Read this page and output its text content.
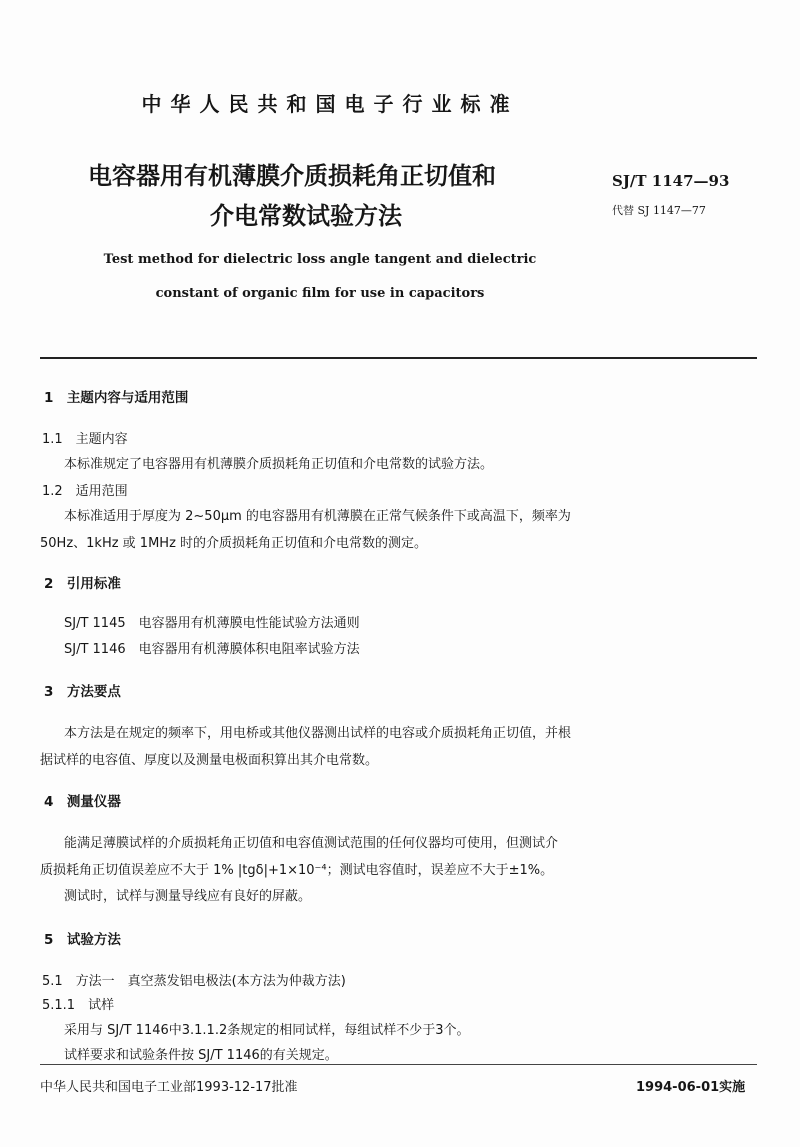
中华人民共和国电子行业标准
电容器用有机薄膜介质损耗角正切值和
介电常数试验方法
SJ/T 1147—93
代替 SJ 1147—77
Test method for dielectric loss angle tangent and dielectric
constant of organic film for use in capacitors
1　主题内容与适用范围
1.1　主题内容
本标准规定了电容器用有机薄膜介质损耗角正切值和介电常数的试验方法。
1.2　适用范围
本标准适用于厚度为 2~50μm 的电容器用有机薄膜在正常气候条件下或高温下，频率为
50Hz、1kHz 或 1MHz 时的介质损耗角正切值和介电常数的测定。
2　引用标准
SJ/T 1145　电容器用有机薄膜电性能试验方法通则
SJ/T 1146　电容器用有机薄膜体积电阻率试验方法
3　方法要点
本方法是在规定的频率下，用电桥或其他仪器测出试样的电容或介质损耗角正切值，并根
据试样的电容值、厚度以及测量电极面积算出其介电常数。
4　测量仪器
能满足薄膜试样的介质损耗角正切值和电容值测试范围的任何仪器均可使用，但测试介
质损耗角正切值误差应不大于 1% |tgδ|+1×10⁻⁴；测试电容值时，误差应不大于±1%。
测试时，试样与测量导线应有良好的屏蔽。
5　试验方法
5.1　方法一　真空蒸发铝电极法(本方法为仲裁方法)
5.1.1　试样
采用与 SJ/T 1146中3.1.1.2条规定的相同试样，每组试样不少于3个。
试样要求和试验条件按 SJ/T 1146的有关规定。
中华人民共和国电子工业部1993-12-17批准	1994-06-01实施
